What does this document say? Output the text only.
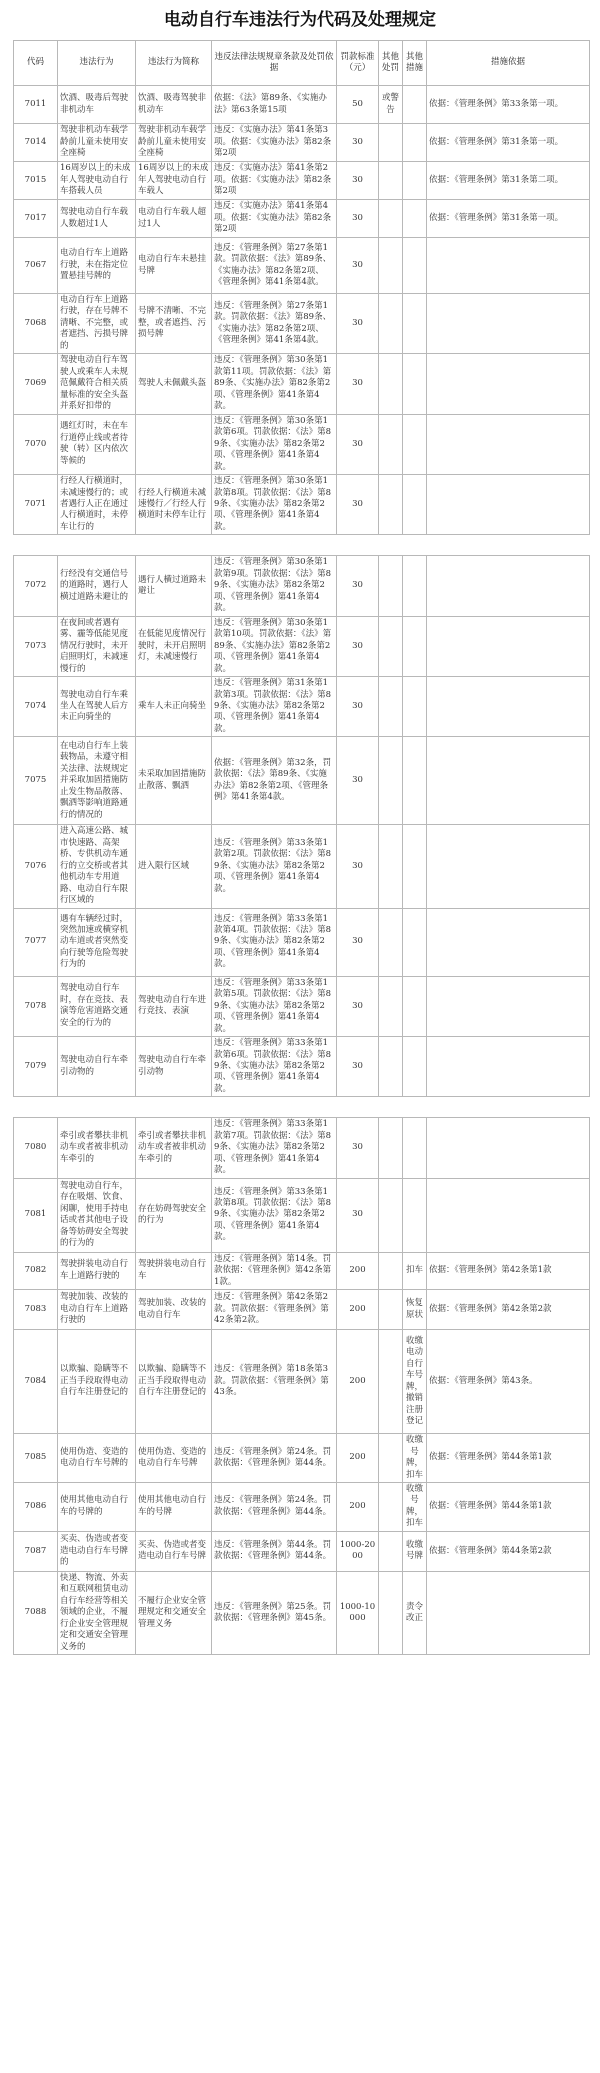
电动自行车违法行为代码及处理规定
代码	违法行为	违法行为简称	违反法律法规规章条款及处罚依据	罚款标准（元）	其他处罚	其他措施	措施依据
7011	饮酒、吸毒后驾驶非机动车	饮酒、吸毒驾驶非机动车	依据：《法》第89条、《实施办法》第63条第15项	50	或警告		依据：《管理条例》第33条第一项。
7014	驾驶非机动车载学龄前儿童未使用安全座椅	驾驶非机动车载学龄前儿童未使用安全座椅	违反：《实施办法》第41条第3项。依据：《实施办法》第82条第2项	30			依据：《管理条例》第31条第一项。
7015	16周岁以上的未成年人驾驶电动自行车搭载人员	16周岁以上的未成年人驾驶电动自行车载人	违反：《实施办法》第41条第2项。依据：《实施办法》第82条第2项	30			依据：《管理条例》第31条第二项。
7017	驾驶电动自行车载人数超过1人	电动自行车载人超过1人	违反：《实施办法》第41条第4项。依据：《实施办法》第82条第2项	30			依据：《管理条例》第31条第一项。
7067	电动自行车上道路行驶，未在指定位置悬挂号牌的	电动自行车未悬挂号牌	违反：《管理条例》第27条第1款。罚款依据：《法》第89条、《实施办法》第82条第2项、《管理条例》第41条第4款。	30			
7068	电动自行车上道路行驶，存在号牌不清晰、不完整，或者遮挡、污损号牌的	号牌不清晰、不完整，或者遮挡、污损号牌	违反：《管理条例》第27条第1款。罚款依据：《法》第89条、《实施办法》第82条第2项、《管理条例》第41条第4款。	30			
7069	驾驶电动自行车驾驶人或乘车人未规范佩戴符合相关质量标准的安全头盔并系好扣带的	驾驶人未佩戴头盔	违反：《管理条例》第30条第1款第11项。罚款依据：《法》第89条、《实施办法》第82条第2项、《管理条例》第41条第4款。	30			
7070	遇红灯时，未在车行道停止线或者待驶（转）区内依次等候的		违反：《管理条例》第30条第1款第6项。罚款依据：《法》第89条、《实施办法》第82条第2项、《管理条例》第41条第4款。	30			
7071	行经人行横道时，未减速慢行的；或者遇行人正在通过人行横道时，未停车让行的	行经人行横道未减速慢行／行经人行横道时未停车让行	违反：《管理条例》第30条第1款第8项。罚款依据：《法》第89条、《实施办法》第82条第2项、《管理条例》第41条第4款。	30			

7072	行经没有交通信号的道路时，遇行人横过道路未避让的	遇行人横过道路未避让	违反：《管理条例》第30条第1款第9项。罚款依据：《法》第89条、《实施办法》第82条第2项、《管理条例》第41条第4款。	30			
7073	在夜间或者遇有雾、霾等低能见度情况行驶时，未开启照明灯，未减速慢行的	在低能见度情况行驶时，未开启照明灯，未减速慢行	违反：《管理条例》第30条第1款第10项。罚款依据：《法》第89条、《实施办法》第82条第2项、《管理条例》第41条第4款。	30			
7074	驾驶电动自行车乘坐人在驾驶人后方未正向骑坐的	乘车人未正向骑坐	违反：《管理条例》第31条第1款第3项。罚款依据：《法》第89条、《实施办法》第82条第2项、《管理条例》第41条第4款。	30			
7075	在电动自行车上装载物品，未遵守相关法律、法规规定并采取加固措施防止发生物品散落、飘洒等影响道路通行的情况的	未采取加固措施防止散落、飘洒	依据：《管理条例》第32条，罚款依据：《法》第89条、《实施办法》第82条第2项、《管理条例》第41条第4款。	30			
7076	进入高速公路、城市快速路、高架桥、专供机动车通行的立交桥或者其他机动车专用道路、电动自行车限行区域的	进入限行区域	违反：《管理条例》第33条第1款第2项。罚款依据：《法》第89条、《实施办法》第82条第2项、《管理条例》第41条第4款。	30			
7077	遇有车辆经过时，突然加速或横穿机动车道或者突然变向行驶等危险驾驶行为的		违反：《管理条例》第33条第1款第4项。罚款依据：《法》第89条、《实施办法》第82条第2项、《管理条例》第41条第4款。	30			
7078	驾驶电动自行车时，存在竞技、表演等危害道路交通安全的行为的	驾驶电动自行车进行竞技、表演	违反：《管理条例》第33条第1款第5项。罚款依据：《法》第89条、《实施办法》第82条第2项、《管理条例》第41条第4款。	30			
7079	驾驶电动自行车牵引动物的	驾驶电动自行车牵引动物	违反：《管理条例》第33条第1款第6项。罚款依据：《法》第89条、《实施办法》第82条第2项、《管理条例》第41条第4款。	30			

7080	牵引或者攀扶非机动车或者被非机动车牵引的	牵引或者攀扶非机动车或者被非机动车牵引的	违反：《管理条例》第33条第1款第7项。罚款依据：《法》第89条、《实施办法》第82条第2项、《管理条例》第41条第4款。	30			
7081	驾驶电动自行车，存在吸烟、饮食、闲聊，使用手持电话或者其他电子设备等妨碍安全驾驶的行为的	存在妨碍驾驶安全的行为	违反：《管理条例》第33条第1款第8项。罚款依据：《法》第89条、《实施办法》第82条第2项、《管理条例》第41条第4款。	30			
7082	驾驶拼装电动自行车上道路行驶的	驾驶拼装电动自行车	违反：《管理条例》第14条。罚款依据：《管理条例》第42条第1款。	200		扣车	依据：《管理条例》第42条第1款
7083	驾驶加装、改装的电动自行车上道路行驶的	驾驶加装、改装的电动自行车	违反：《管理条例》第42条第2款。罚款依据：《管理条例》第42条第2款。	200		恢复原状	依据：《管理条例》第42条第2款
7084	以欺骗、隐瞒等不正当手段取得电动自行车注册登记的	以欺骗、隐瞒等不正当手段取得电动自行车注册登记的	违反：《管理条例》第18条第3款。罚款依据：《管理条例》第43条。	200		收缴电动自行车号牌，撤销注册登记	依据：《管理条例》第43条。
7085	使用伪造、变造的电动自行车号牌的	使用伪造、变造的电动自行车号牌	违反：《管理条例》第24条。罚款依据：《管理条例》第44条。	200		收缴号牌，扣车	依据：《管理条例》第44条第1款
7086	使用其他电动自行车的号牌的	使用其他电动自行车的号牌	违反：《管理条例》第24条。罚款依据：《管理条例》第44条。	200		收缴号牌，扣车	依据：《管理条例》第44条第1款
7087	买卖、伪造或者变造电动自行车号牌的	买卖、伪造或者变造电动自行车号牌	违反：《管理条例》第44条。罚款依据：《管理条例》第44条。	1000-2000		收缴号牌	依据：《管理条例》第44条第2款
7088	快递、物流、外卖和互联网租赁电动自行车经营等相关领域的企业，不履行企业安全管理规定和交通安全管理义务的	不履行企业安全管理规定和交通安全管理义务	违反：《管理条例》第25条。罚款依据：《管理条例》第45条。	1000-10000		责令改正	
